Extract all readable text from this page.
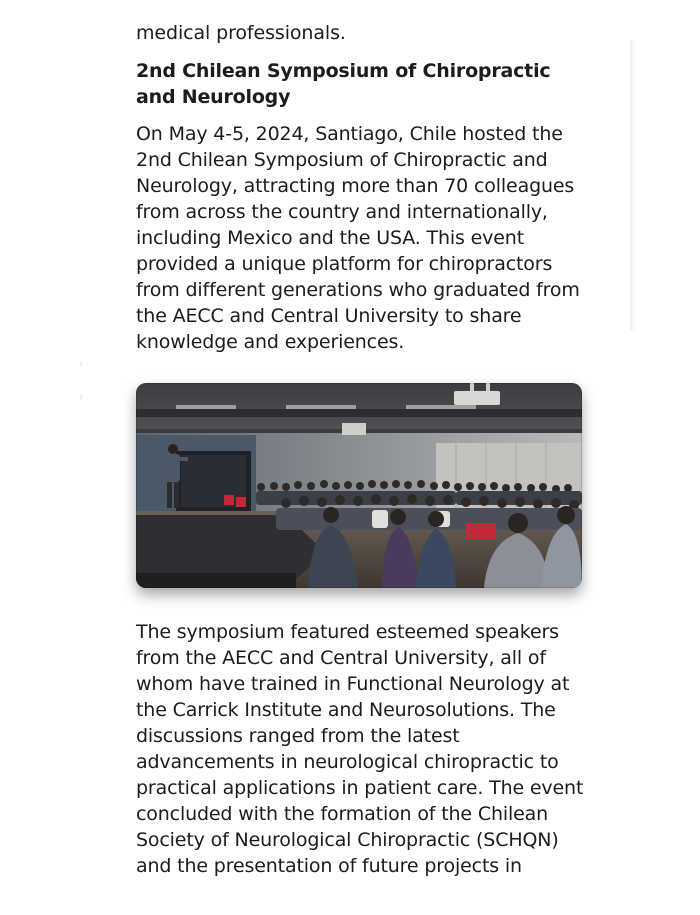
⁾
⁾

medical professionals.

2nd Chilean Symposium of Chiropractic and Neurology

On May 4-5, 2024, Santiago, Chile hosted the 2nd Chilean Symposium of Chiropractic and Neurology, attracting more than 70 colleagues from across the country and internationally, including Mexico and the USA. This event provided a unique platform for chiropractors from different generations who graduated from the AECC and Central University to share knowledge and experiences.

The symposium featured esteemed speakers from the AECC and Central University, all of whom have trained in Functional Neurology at the Carrick Institute and Neurosolutions. The discussions ranged from the latest advancements in neurological chiropractic to practical applications in patient care. The event concluded with the formation of the Chilean Society of Neurological Chiropractic (SCHQN) and the presentation of future projects in
